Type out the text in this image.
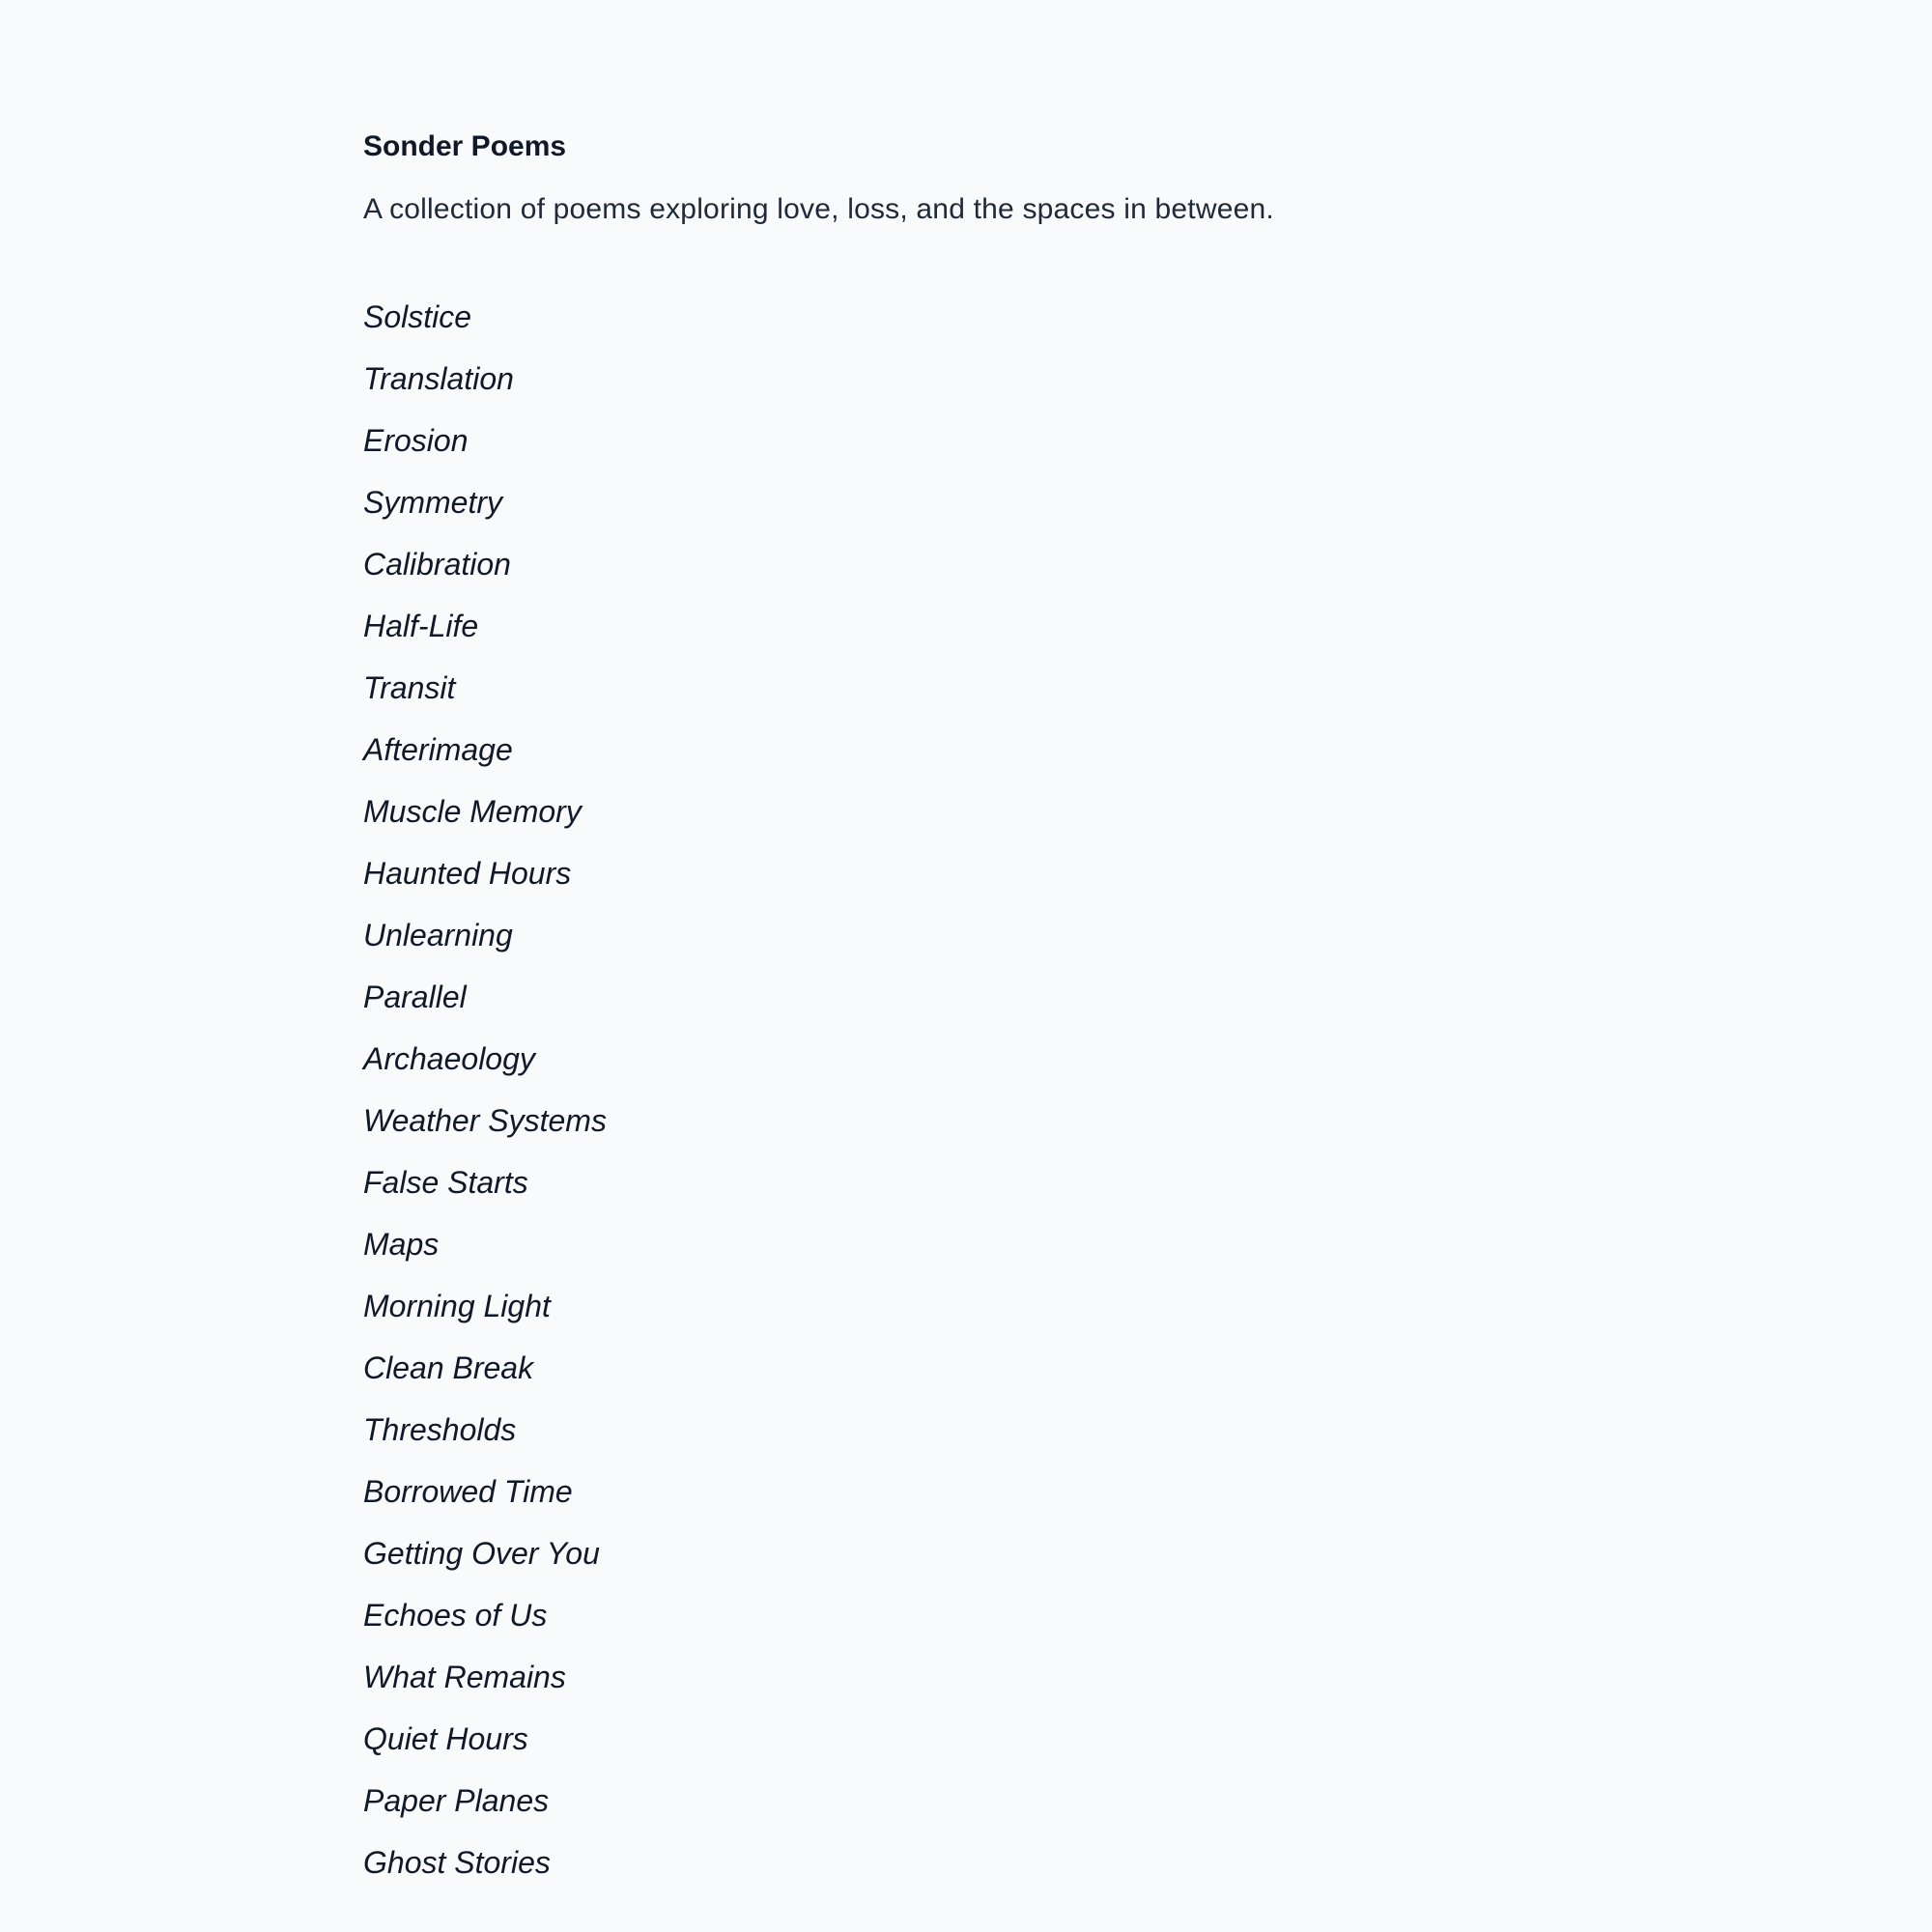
Sonder Poems

A collection of poems exploring love, loss, and the spaces in between.

Solstice
Translation
Erosion
Symmetry
Calibration
Half-Life
Transit
Afterimage
Muscle Memory
Haunted Hours
Unlearning
Parallel
Archaeology
Weather Systems
False Starts
Maps
Morning Light
Clean Break
Thresholds
Borrowed Time
Getting Over You
Echoes of Us
What Remains
Quiet Hours
Paper Planes
Ghost Stories
